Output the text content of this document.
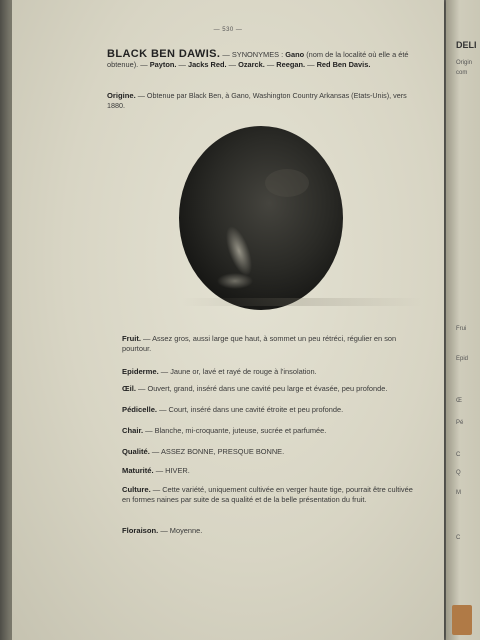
— 530 —
BLACK BEN DAWIS. — SYNONYMES : Gano (nom de la localité où elle a été obtenue). — Payton. — Jacks Red. — Ozarck. — Reegan. — Red Ben Davis.
Origine. — Obtenue par Black Ben, à Gano, Washington Country Arkansas (Etats-Unis), vers 1880.
Fruit. — Assez gros, aussi large que haut, à sommet un peu rétréci, régulier en son pourtour.
Epiderme. — Jaune or, lavé et rayé de rouge à l'insolation.
Œil. — Ouvert, grand, inséré dans une cavité peu large et évasée, peu profonde.
Pédicelle. — Court, inséré dans une cavité étroite et peu profonde.
Chair. — Blanche, mi-croquante, juteuse, sucrée et parfumée.
Qualité. — ASSEZ BONNE, PRESQUE BONNE.
Maturité. — HIVER.
Culture. — Cette variété, uniquement cultivée en verger haute tige, pourrait être cultivée en formes naines par suite de sa qualité et de la belle présentation du fruit.
Floraison. — Moyenne.
DELI
Origin
com
Frui
Epid
Œ
Pé
C
Q
M
C
